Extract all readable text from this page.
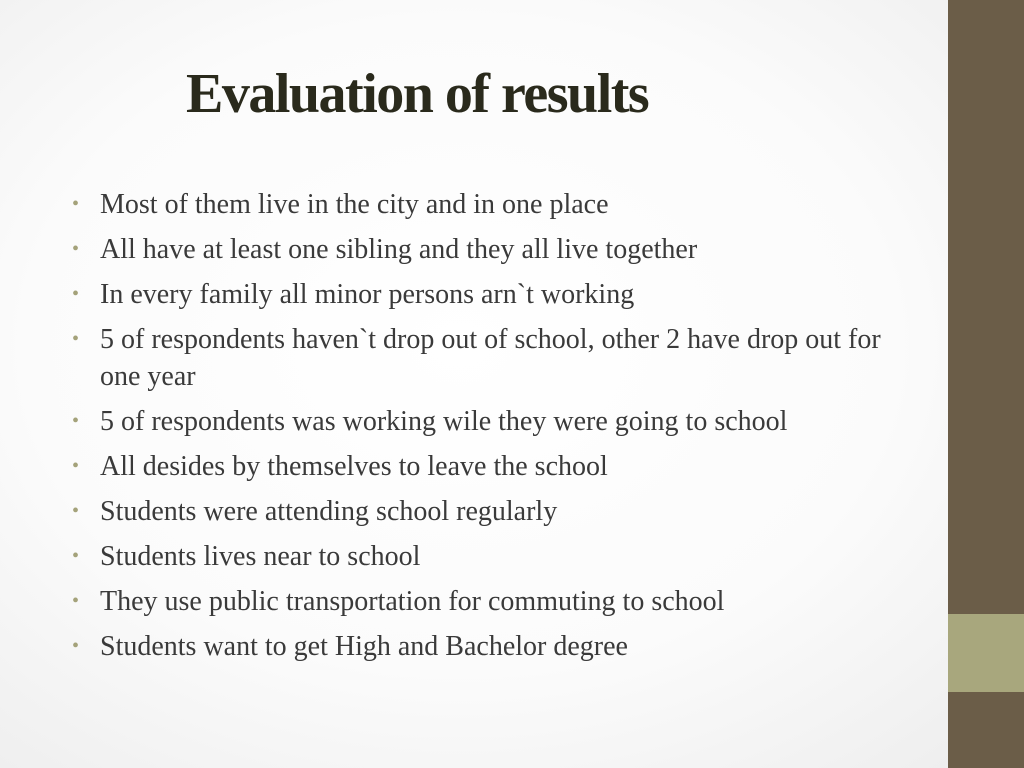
Evaluation of results
• Most of them live in the city and in one place
• All have at least one sibling and they all live together
• In every family all minor persons arn`t working
• 5 of respondents haven`t drop out of school, other 2 have drop out for one year
• 5 of respondents was working wile they were going to school
• All desides by themselves to leave the school
• Students were attending school regularly
• Students lives near to school
• They use public transportation for commuting to school
• Students want to get High and Bachelor degree
